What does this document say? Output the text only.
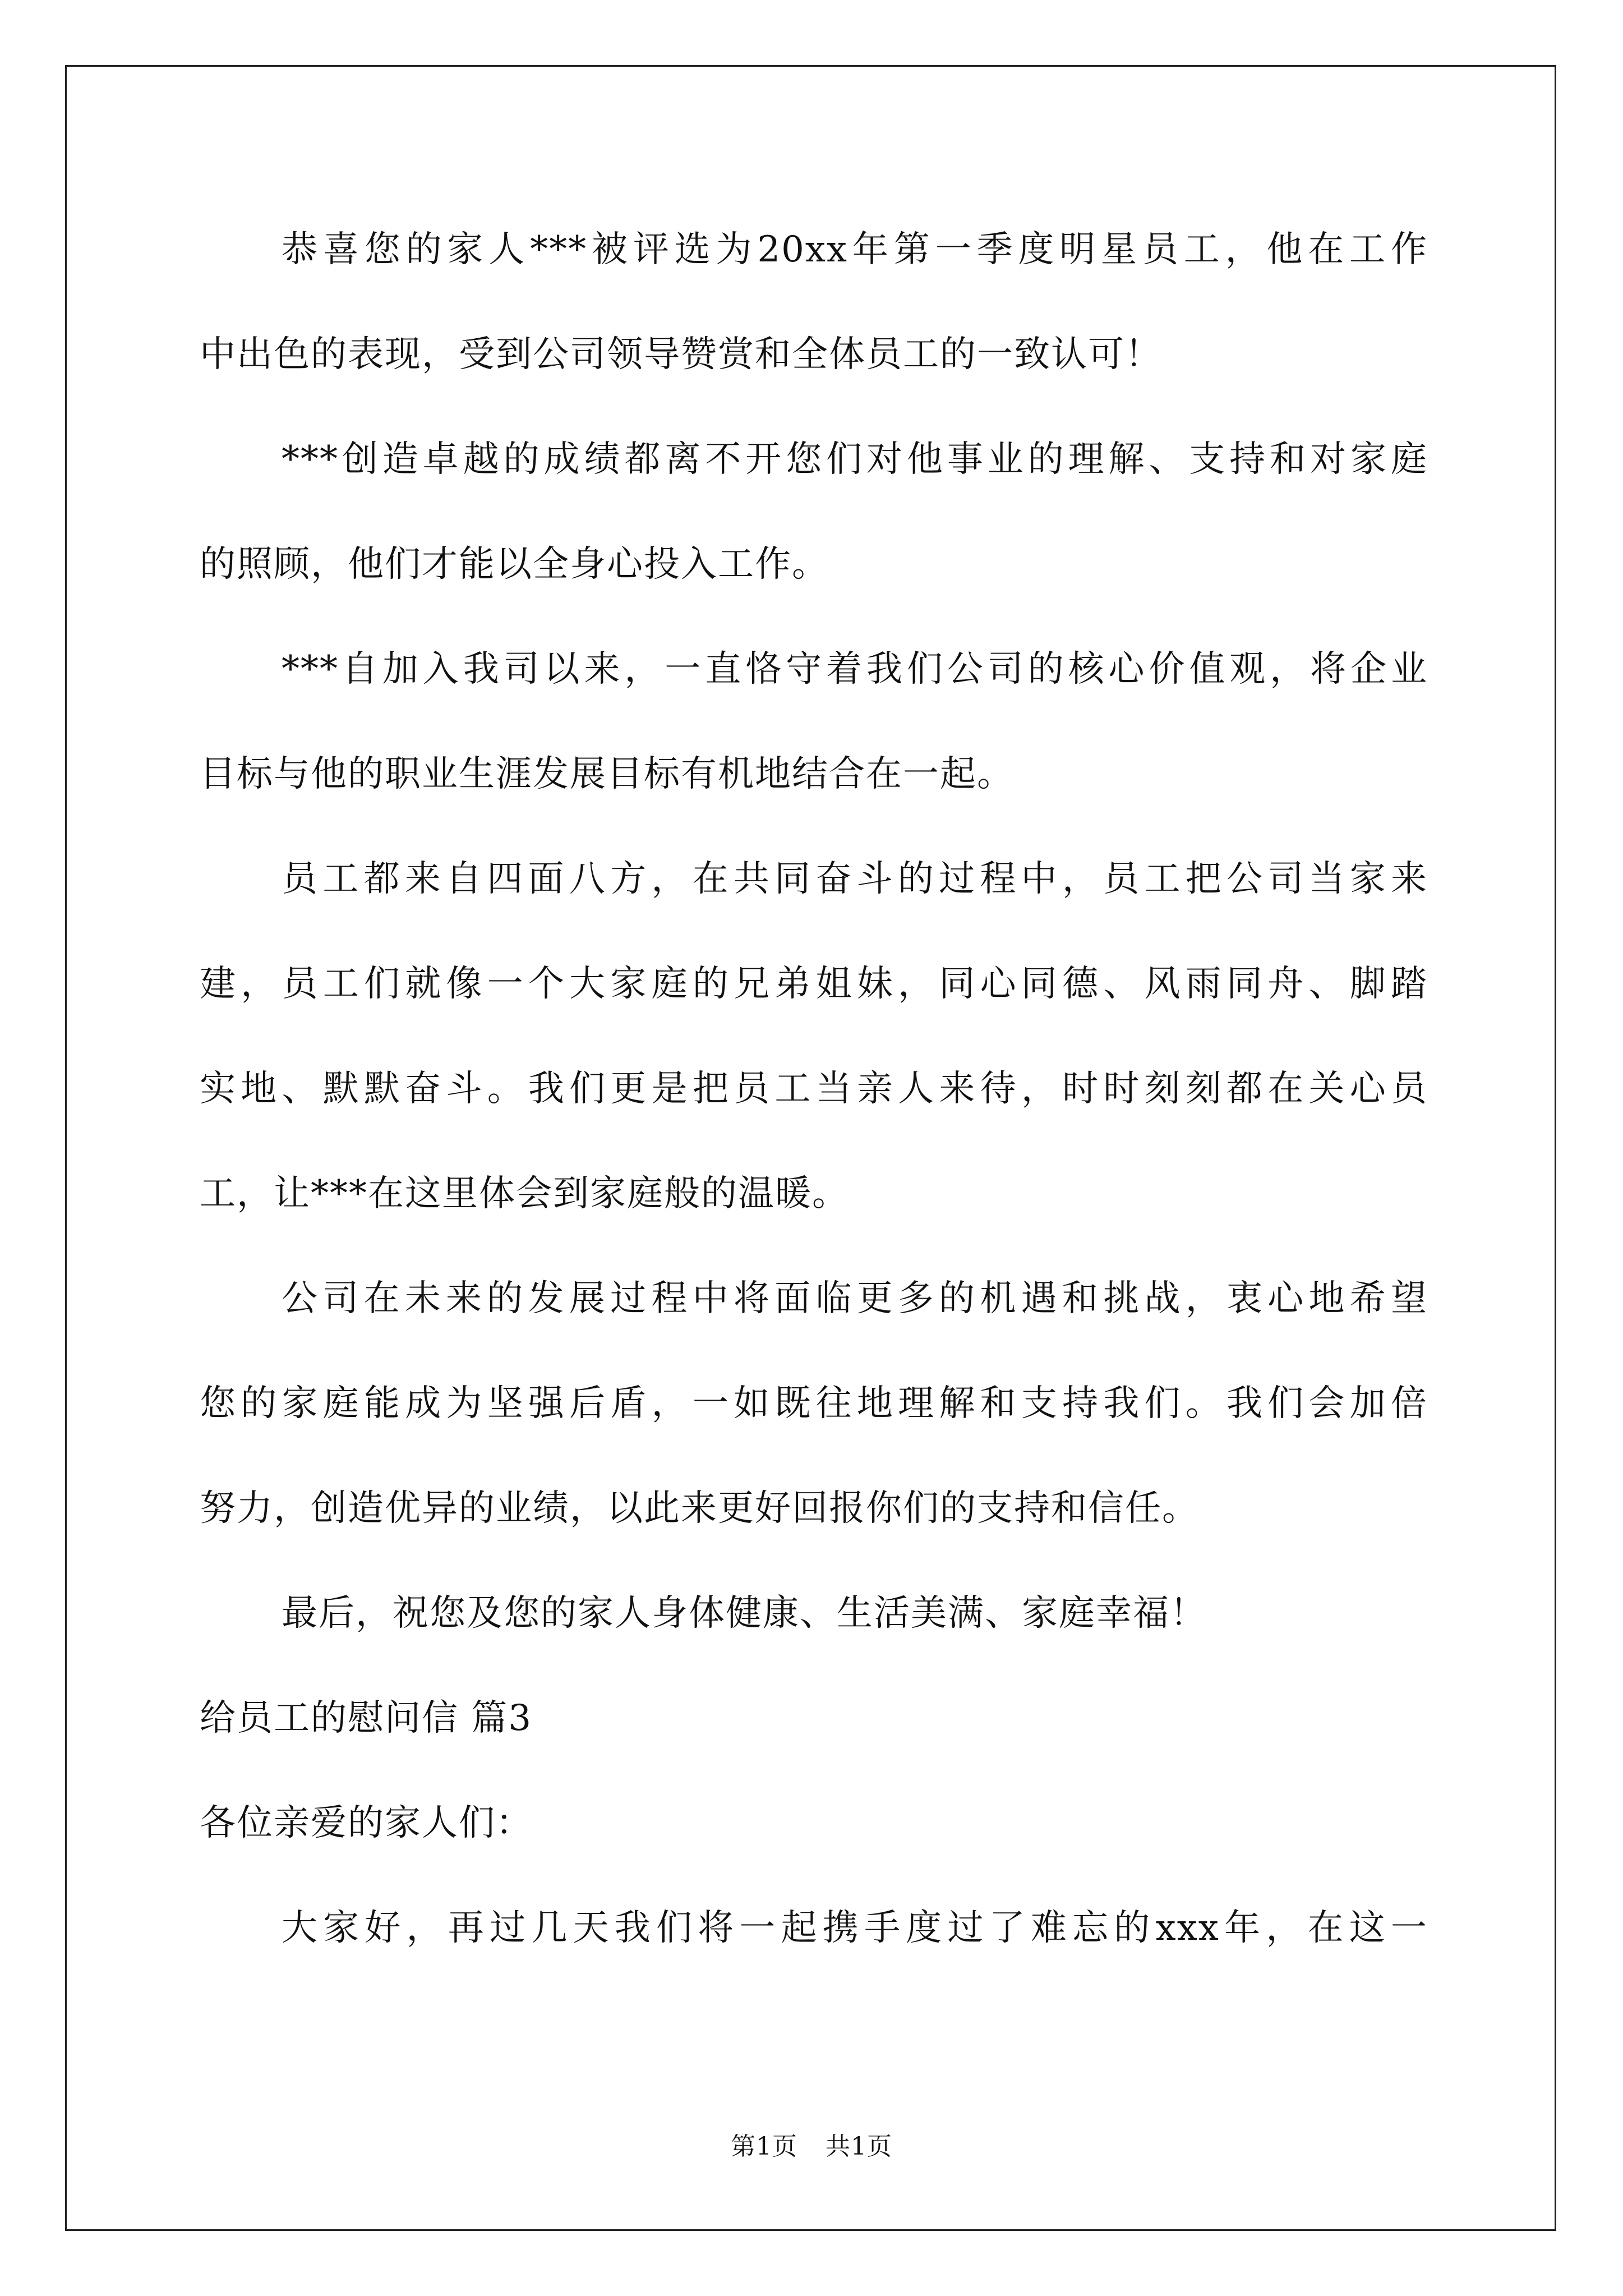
恭喜您的家人***被评选为20xx年第一季度明星员工，他在工作
中出色的表现，受到公司领导赞赏和全体员工的一致认可！
***创造卓越的成绩都离不开您们对他事业的理解、支持和对家庭
的照顾，他们才能以全身心投入工作。
***自加入我司以来，一直恪守着我们公司的核心价值观，将企业
目标与他的职业生涯发展目标有机地结合在一起。
员工都来自四面八方，在共同奋斗的过程中，员工把公司当家来
建，员工们就像一个大家庭的兄弟姐妹，同心同德、风雨同舟、脚踏
实地、默默奋斗。我们更是把员工当亲人来待，时时刻刻都在关心员
工，让***在这里体会到家庭般的温暖。
公司在未来的发展过程中将面临更多的机遇和挑战，衷心地希望
您的家庭能成为坚强后盾，一如既往地理解和支持我们。我们会加倍
努力，创造优异的业绩，以此来更好回报你们的支持和信任。
最后，祝您及您的家人身体健康、生活美满、家庭幸福！
给员工的慰问信 篇3
各位亲爱的家人们：
大家好，再过几天我们将一起携手度过了难忘的xxx年，在这一
第1页 共1页
